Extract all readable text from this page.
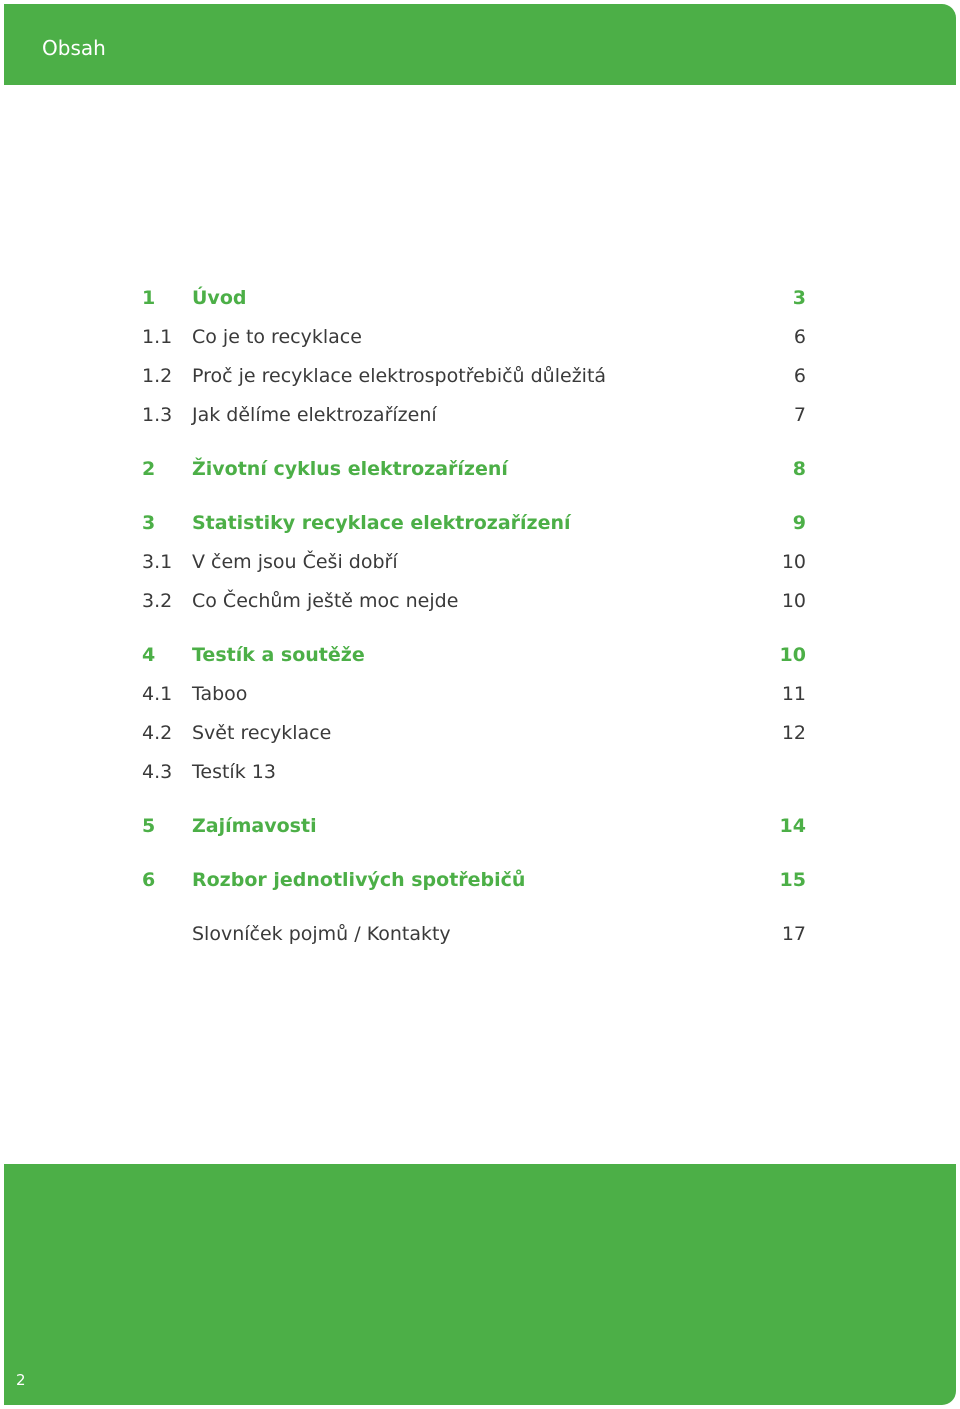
Obsah
1 Úvod	3
1.1 Co je to recyklace	6
1.2 Proč je recyklace elektrospotřebičů důležitá	6
1.3 Jak dělíme elektrozařízení	7
2 Životní cyklus elektrozařízení	8
3 Statistiky recyklace elektrozařízení	9
3.1 V čem jsou Češi dobří	10
3.2 Co Čechům ještě moc nejde	10
4 Testík a soutěže	10
4.1 Taboo	11
4.2 Svět recyklace	12
4.3 Testík 13
5 Zajímavosti	14
6 Rozbor jednotlivých spotřebičů	15
Slovníček pojmů / Kontakty	17
2
